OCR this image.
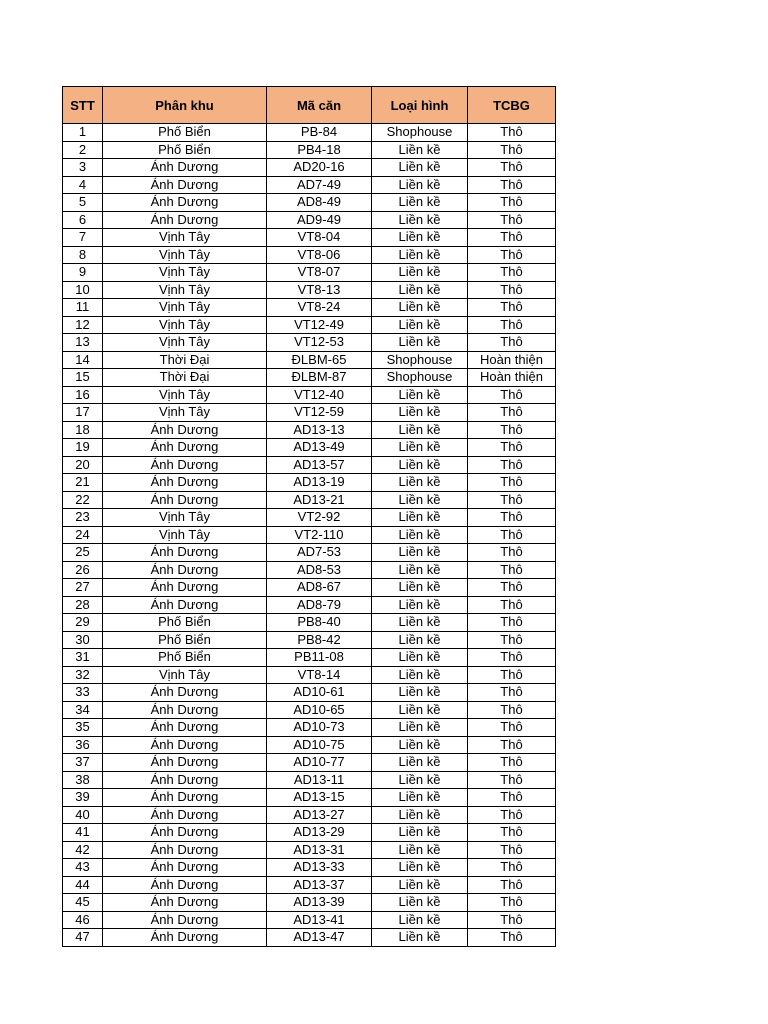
STT	Phân khu	Mã căn	Loại hình	TCBG
1	Phố Biển	PB-84	Shophouse	Thô
2	Phố Biển	PB4-18	Liền kề	Thô
3	Ánh Dương	AD20-16	Liền kề	Thô
4	Ánh Dương	AD7-49	Liền kề	Thô
5	Ánh Dương	AD8-49	Liền kề	Thô
6	Ánh Dương	AD9-49	Liền kề	Thô
7	Vịnh Tây	VT8-04	Liền kề	Thô
8	Vịnh Tây	VT8-06	Liền kề	Thô
9	Vịnh Tây	VT8-07	Liền kề	Thô
10	Vịnh Tây	VT8-13	Liền kề	Thô
11	Vịnh Tây	VT8-24	Liền kề	Thô
12	Vịnh Tây	VT12-49	Liền kề	Thô
13	Vịnh Tây	VT12-53	Liền kề	Thô
14	Thời Đại	ĐLBM-65	Shophouse	Hoàn thiện
15	Thời Đại	ĐLBM-87	Shophouse	Hoàn thiện
16	Vịnh Tây	VT12-40	Liền kề	Thô
17	Vịnh Tây	VT12-59	Liền kề	Thô
18	Ánh Dương	AD13-13	Liền kề	Thô
19	Ánh Dương	AD13-49	Liền kề	Thô
20	Ánh Dương	AD13-57	Liền kề	Thô
21	Ánh Dương	AD13-19	Liền kề	Thô
22	Ánh Dương	AD13-21	Liền kề	Thô
23	Vịnh Tây	VT2-92	Liền kề	Thô
24	Vịnh Tây	VT2-110	Liền kề	Thô
25	Ánh Dương	AD7-53	Liền kề	Thô
26	Ánh Dương	AD8-53	Liền kề	Thô
27	Ánh Dương	AD8-67	Liền kề	Thô
28	Ánh Dương	AD8-79	Liền kề	Thô
29	Phố Biển	PB8-40	Liền kề	Thô
30	Phố Biển	PB8-42	Liền kề	Thô
31	Phố Biển	PB11-08	Liền kề	Thô
32	Vịnh Tây	VT8-14	Liền kề	Thô
33	Ánh Dương	AD10-61	Liền kề	Thô
34	Ánh Dương	AD10-65	Liền kề	Thô
35	Ánh Dương	AD10-73	Liền kề	Thô
36	Ánh Dương	AD10-75	Liền kề	Thô
37	Ánh Dương	AD10-77	Liền kề	Thô
38	Ánh Dương	AD13-11	Liền kề	Thô
39	Ánh Dương	AD13-15	Liền kề	Thô
40	Ánh Dương	AD13-27	Liền kề	Thô
41	Ánh Dương	AD13-29	Liền kề	Thô
42	Ánh Dương	AD13-31	Liền kề	Thô
43	Ánh Dương	AD13-33	Liền kề	Thô
44	Ánh Dương	AD13-37	Liền kề	Thô
45	Ánh Dương	AD13-39	Liền kề	Thô
46	Ánh Dương	AD13-41	Liền kề	Thô
47	Ánh Dương	AD13-47	Liền kề	Thô
